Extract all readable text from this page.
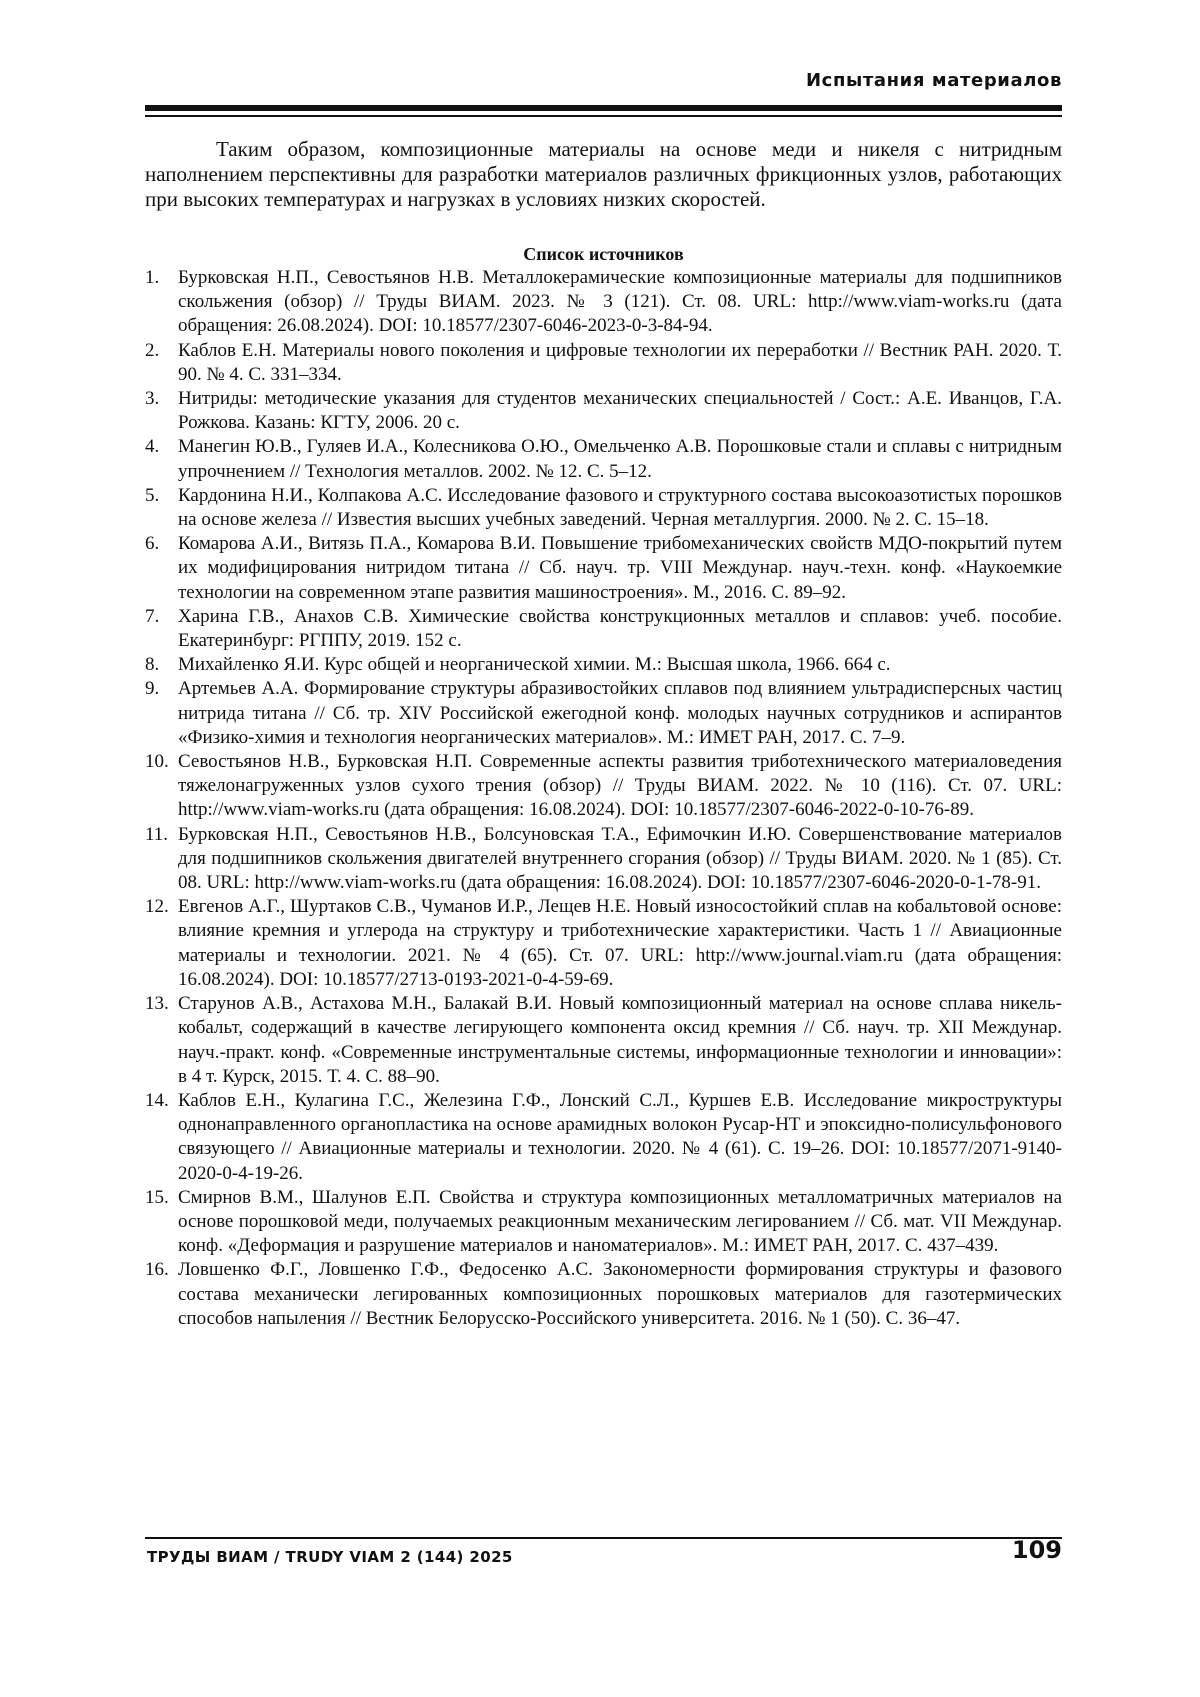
Испытания материалов

Таким образом, композиционные материалы на основе меди и никеля с нитридным наполнением перспективны для разработки материалов различных фрикционных узлов, работающих при высоких температурах и нагрузках в условиях низких скоростей.

Список источников
1. Бурковская Н.П., Севостьянов Н.В. Металлокерамические композиционные материалы для подшипников скольжения (обзор) // Труды ВИАМ. 2023. № 3 (121). Ст. 08. URL: http://www.viam-works.ru (дата обращения: 26.08.2024). DOI: 10.18577/2307-6046-2023-0-3-84-94.
2. Каблов Е.Н. Материалы нового поколения и цифровые технологии их переработки // Вестник РАН. 2020. Т. 90. № 4. С. 331–334.
3. Нитриды: методические указания для студентов механических специальностей / Сост.: А.Е. Иванцов, Г.А. Рожкова. Казань: КГТУ, 2006. 20 с.
4. Манегин Ю.В., Гуляев И.А., Колесникова О.Ю., Омельченко А.В. Порошковые стали и сплавы с нитридным упрочнением // Технология металлов. 2002. № 12. С. 5–12.
5. Кардонина Н.И., Колпакова А.С. Исследование фазового и структурного состава высокоазотистых порошков на основе железа // Известия высших учебных заведений. Черная металлургия. 2000. № 2. С. 15–18.
6. Комарова А.И., Витязь П.А., Комарова В.И. Повышение трибомеханических свойств МДО-покрытий путем их модифицирования нитридом титана // Сб. науч. тр. VIII Междунар. науч.-техн. конф. «Наукоемкие технологии на современном этапе развития машиностроения». М., 2016. С. 89–92.
7. Харина Г.В., Анахов С.В. Химические свойства конструкционных металлов и сплавов: учеб. пособие. Екатеринбург: РГППУ, 2019. 152 с.
8. Михайленко Я.И. Курс общей и неорганической химии. М.: Высшая школа, 1966. 664 с.
9. Артемьев А.А. Формирование структуры абразивостойких сплавов под влиянием ультрадисперсных частиц нитрида титана // Сб. тр. XIV Российской ежегодной конф. молодых научных сотрудников и аспирантов «Физико-химия и технология неорганических материалов». М.: ИМЕТ РАН, 2017. С. 7–9.
10. Севостьянов Н.В., Бурковская Н.П. Современные аспекты развития триботехнического материаловедения тяжелонагруженных узлов сухого трения (обзор) // Труды ВИАМ. 2022. № 10 (116). Ст. 07. URL: http://www.viam-works.ru (дата обращения: 16.08.2024). DOI: 10.18577/2307-6046-2022-0-10-76-89.
11. Бурковская Н.П., Севостьянов Н.В., Болсуновская Т.А., Ефимочкин И.Ю. Совершенствование материалов для подшипников скольжения двигателей внутреннего сгорания (обзор) // Труды ВИАМ. 2020. № 1 (85). Ст. 08. URL: http://www.viam-works.ru (дата обращения: 16.08.2024). DOI: 10.18577/2307-6046-2020-0-1-78-91.
12. Евгенов А.Г., Шуртаков С.В., Чуманов И.Р., Лещев Н.Е. Новый износостойкий сплав на кобальтовой основе: влияние кремния и углерода на структуру и триботехнические характеристики. Часть 1 // Авиационные материалы и технологии. 2021. № 4 (65). Ст. 07. URL: http://www.journal.viam.ru (дата обращения: 16.08.2024). DOI: 10.18577/2713-0193-2021-0-4-59-69.
13. Старунов А.В., Астахова М.Н., Балакай В.И. Новый композиционный материал на основе сплава никель-кобальт, содержащий в качестве легирующего компонента оксид кремния // Сб. науч. тр. XII Междунар. науч.-практ. конф. «Современные инструментальные системы, информационные технологии и инновации»: в 4 т. Курск, 2015. Т. 4. С. 88–90.
14. Каблов Е.Н., Кулагина Г.С., Железина Г.Ф., Лонский С.Л., Куршев Е.В. Исследование микроструктуры однонаправленного органопластика на основе арамидных волокон Русар-НТ и эпоксидно-полисульфонового связующего // Авиационные материалы и технологии. 2020. № 4 (61). С. 19–26. DOI: 10.18577/2071-9140-2020-0-4-19-26.
15. Смирнов В.М., Шалунов Е.П. Свойства и структура композиционных металломатричных материалов на основе порошковой меди, получаемых реакционным механическим легированием // Сб. мат. VII Междунар. конф. «Деформация и разрушение материалов и наноматериалов». М.: ИМЕТ РАН, 2017. С. 437–439.
16. Ловшенко Ф.Г., Ловшенко Г.Ф., Федосенко А.С. Закономерности формирования структуры и фазового состава механически легированных композиционных порошковых материалов для газотермических способов напыления // Вестник Белорусско-Российского университета. 2016. № 1 (50). С. 36–47.
ТРУДЫ ВИАМ / TRUDY VIAM 2 (144) 2025	109
